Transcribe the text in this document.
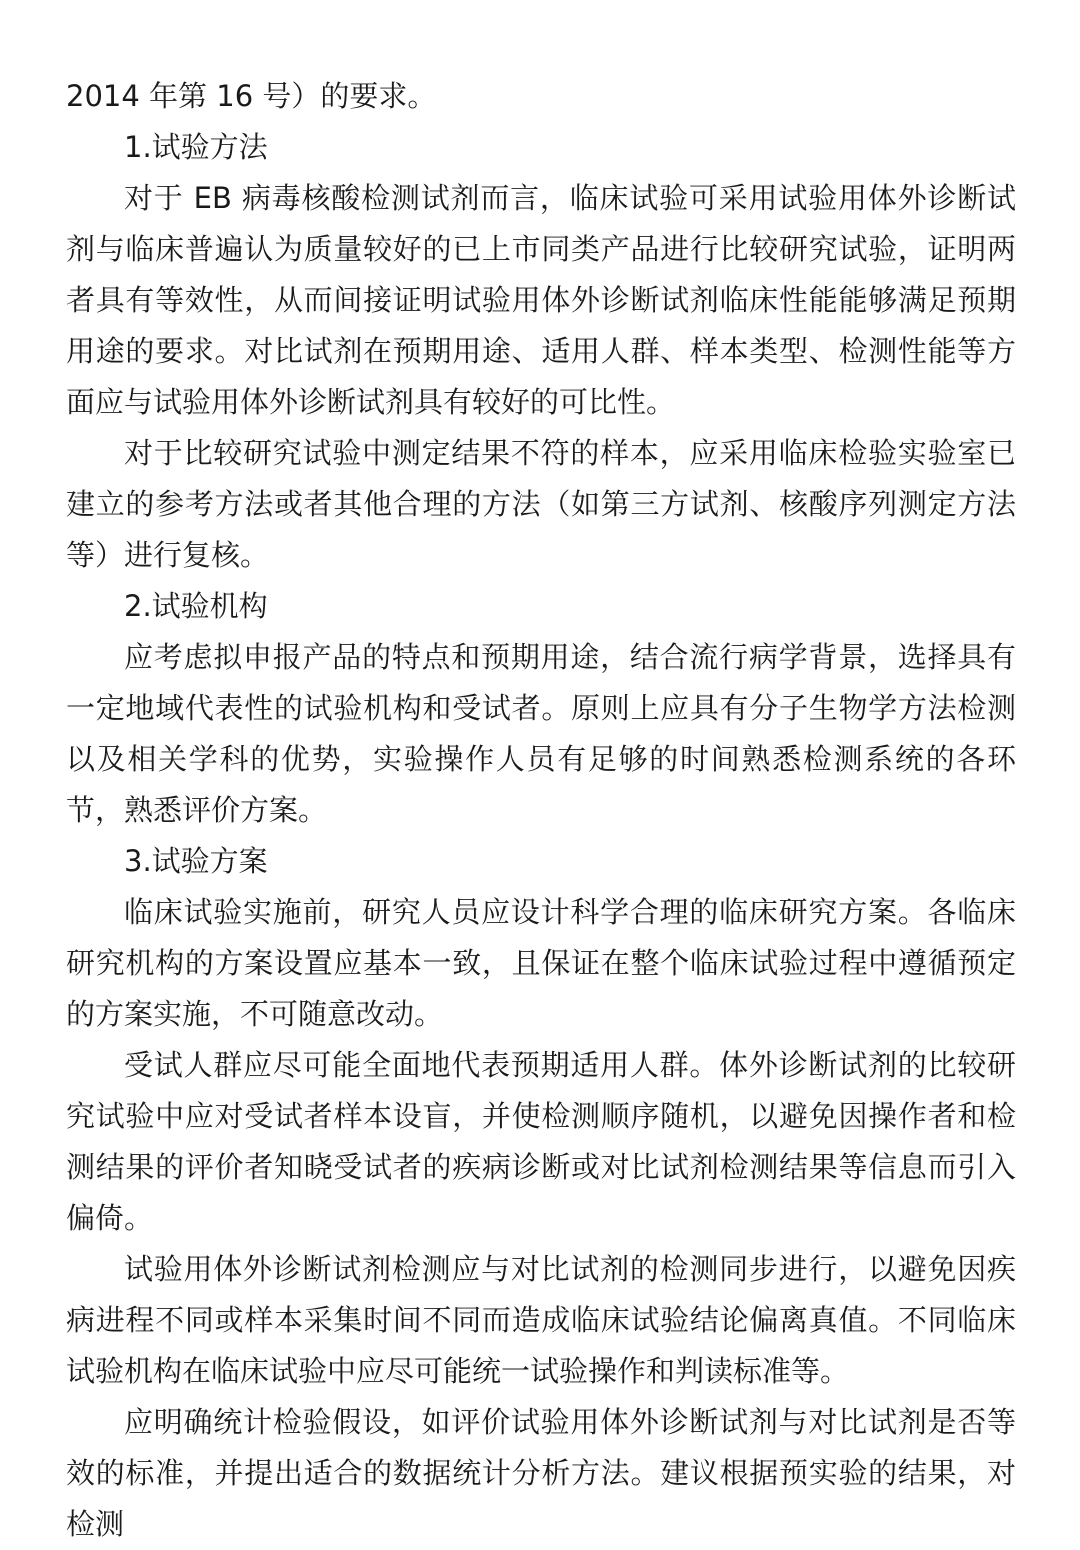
2014 年第 16 号）的要求。

1.试验方法

对于 EB 病毒核酸检测试剂而言，临床试验可采用试验用体外诊断试剂与临床普遍认为质量较好的已上市同类产品进行比较研究试验，证明两者具有等效性，从而间接证明试验用体外诊断试剂临床性能能够满足预期用途的要求。对比试剂在预期用途、适用人群、样本类型、检测性能等方面应与试验用体外诊断试剂具有较好的可比性。

对于比较研究试验中测定结果不符的样本，应采用临床检验实验室已建立的参考方法或者其他合理的方法（如第三方试剂、核酸序列测定方法等）进行复核。

2.试验机构

应考虑拟申报产品的特点和预期用途，结合流行病学背景，选择具有一定地域代表性的试验机构和受试者。原则上应具有分子生物学方法检测以及相关学科的优势，实验操作人员有足够的时间熟悉检测系统的各环节，熟悉评价方案。

3.试验方案

临床试验实施前，研究人员应设计科学合理的临床研究方案。各临床研究机构的方案设置应基本一致，且保证在整个临床试验过程中遵循预定的方案实施，不可随意改动。

受试人群应尽可能全面地代表预期适用人群。体外诊断试剂的比较研究试验中应对受试者样本设盲，并使检测顺序随机，以避免因操作者和检测结果的评价者知晓受试者的疾病诊断或对比试剂检测结果等信息而引入偏倚。

试验用体外诊断试剂检测应与对比试剂的检测同步进行，以避免因疾病进程不同或样本采集时间不同而造成临床试验结论偏离真值。不同临床试验机构在临床试验中应尽可能统一试验操作和判读标准等。

应明确统计检验假设，如评价试验用体外诊断试剂与对比试剂是否等效的标准，并提出适合的数据统计分析方法。建议根据预实验的结果，对检测
